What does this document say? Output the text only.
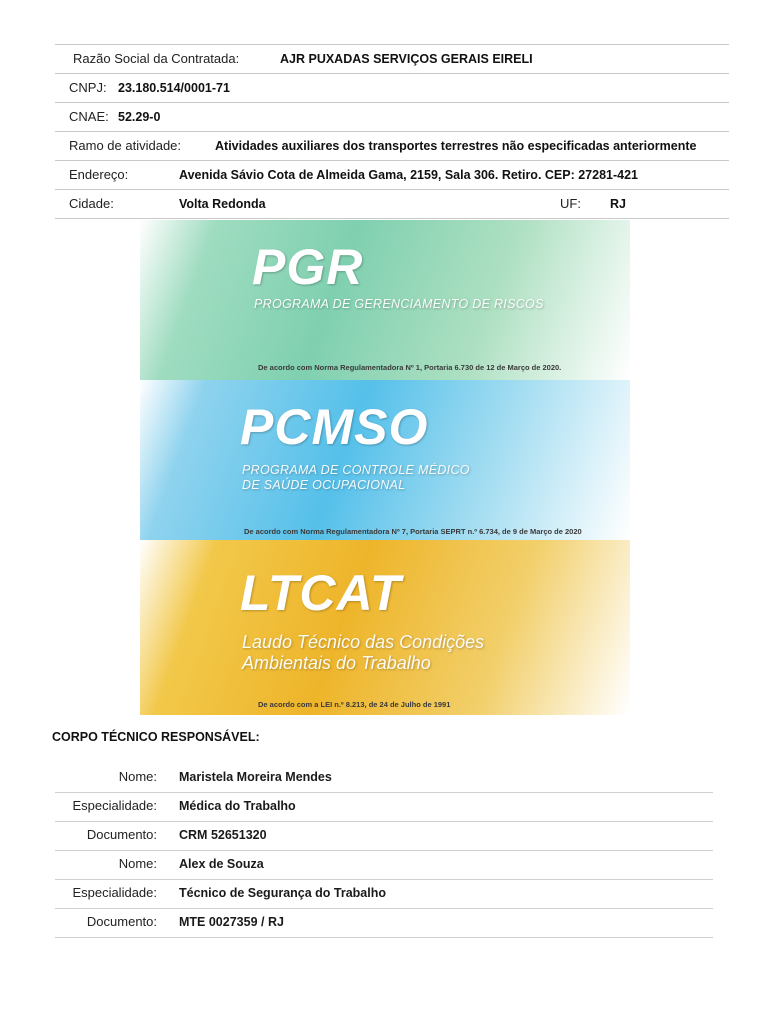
Razão Social da Contratada:	AJR PUXADAS SERVIÇOS GERAIS EIRELI
CNPJ: 23.180.514/0001-71
CNAE: 52.29-0
Ramo de atividade:	Atividades auxiliares dos transportes terrestres não especificadas anteriormente
Endereço:	Avenida Sávio Cota de Almeida Gama, 2159, Sala 306. Retiro. CEP: 27281-421
Cidade:	Volta Redonda	UF: RJ
PGR
PROGRAMA DE GERENCIAMENTO DE RISCOS
De acordo com Norma Regulamentadora Nº 1, Portaria 6.730 de 12 de Março de 2020.
PCMSO
PROGRAMA DE CONTROLE MÉDICO
DE SAÚDE OCUPACIONAL
De acordo com Norma Regulamentadora Nº 7, Portaria SEPRT n.º 6.734, de 9 de Março de 2020
LTCAT
Laudo Técnico das Condições
Ambientais do Trabalho
De acordo com a LEI n.º 8.213, de 24 de Julho de 1991
CORPO TÉCNICO RESPONSÁVEL:
Nome: Maristela Moreira Mendes
Especialidade: Médica do Trabalho
Documento: CRM 52651320
Nome: Alex de Souza
Especialidade: Técnico de Segurança do Trabalho
Documento: MTE 0027359 / RJ
